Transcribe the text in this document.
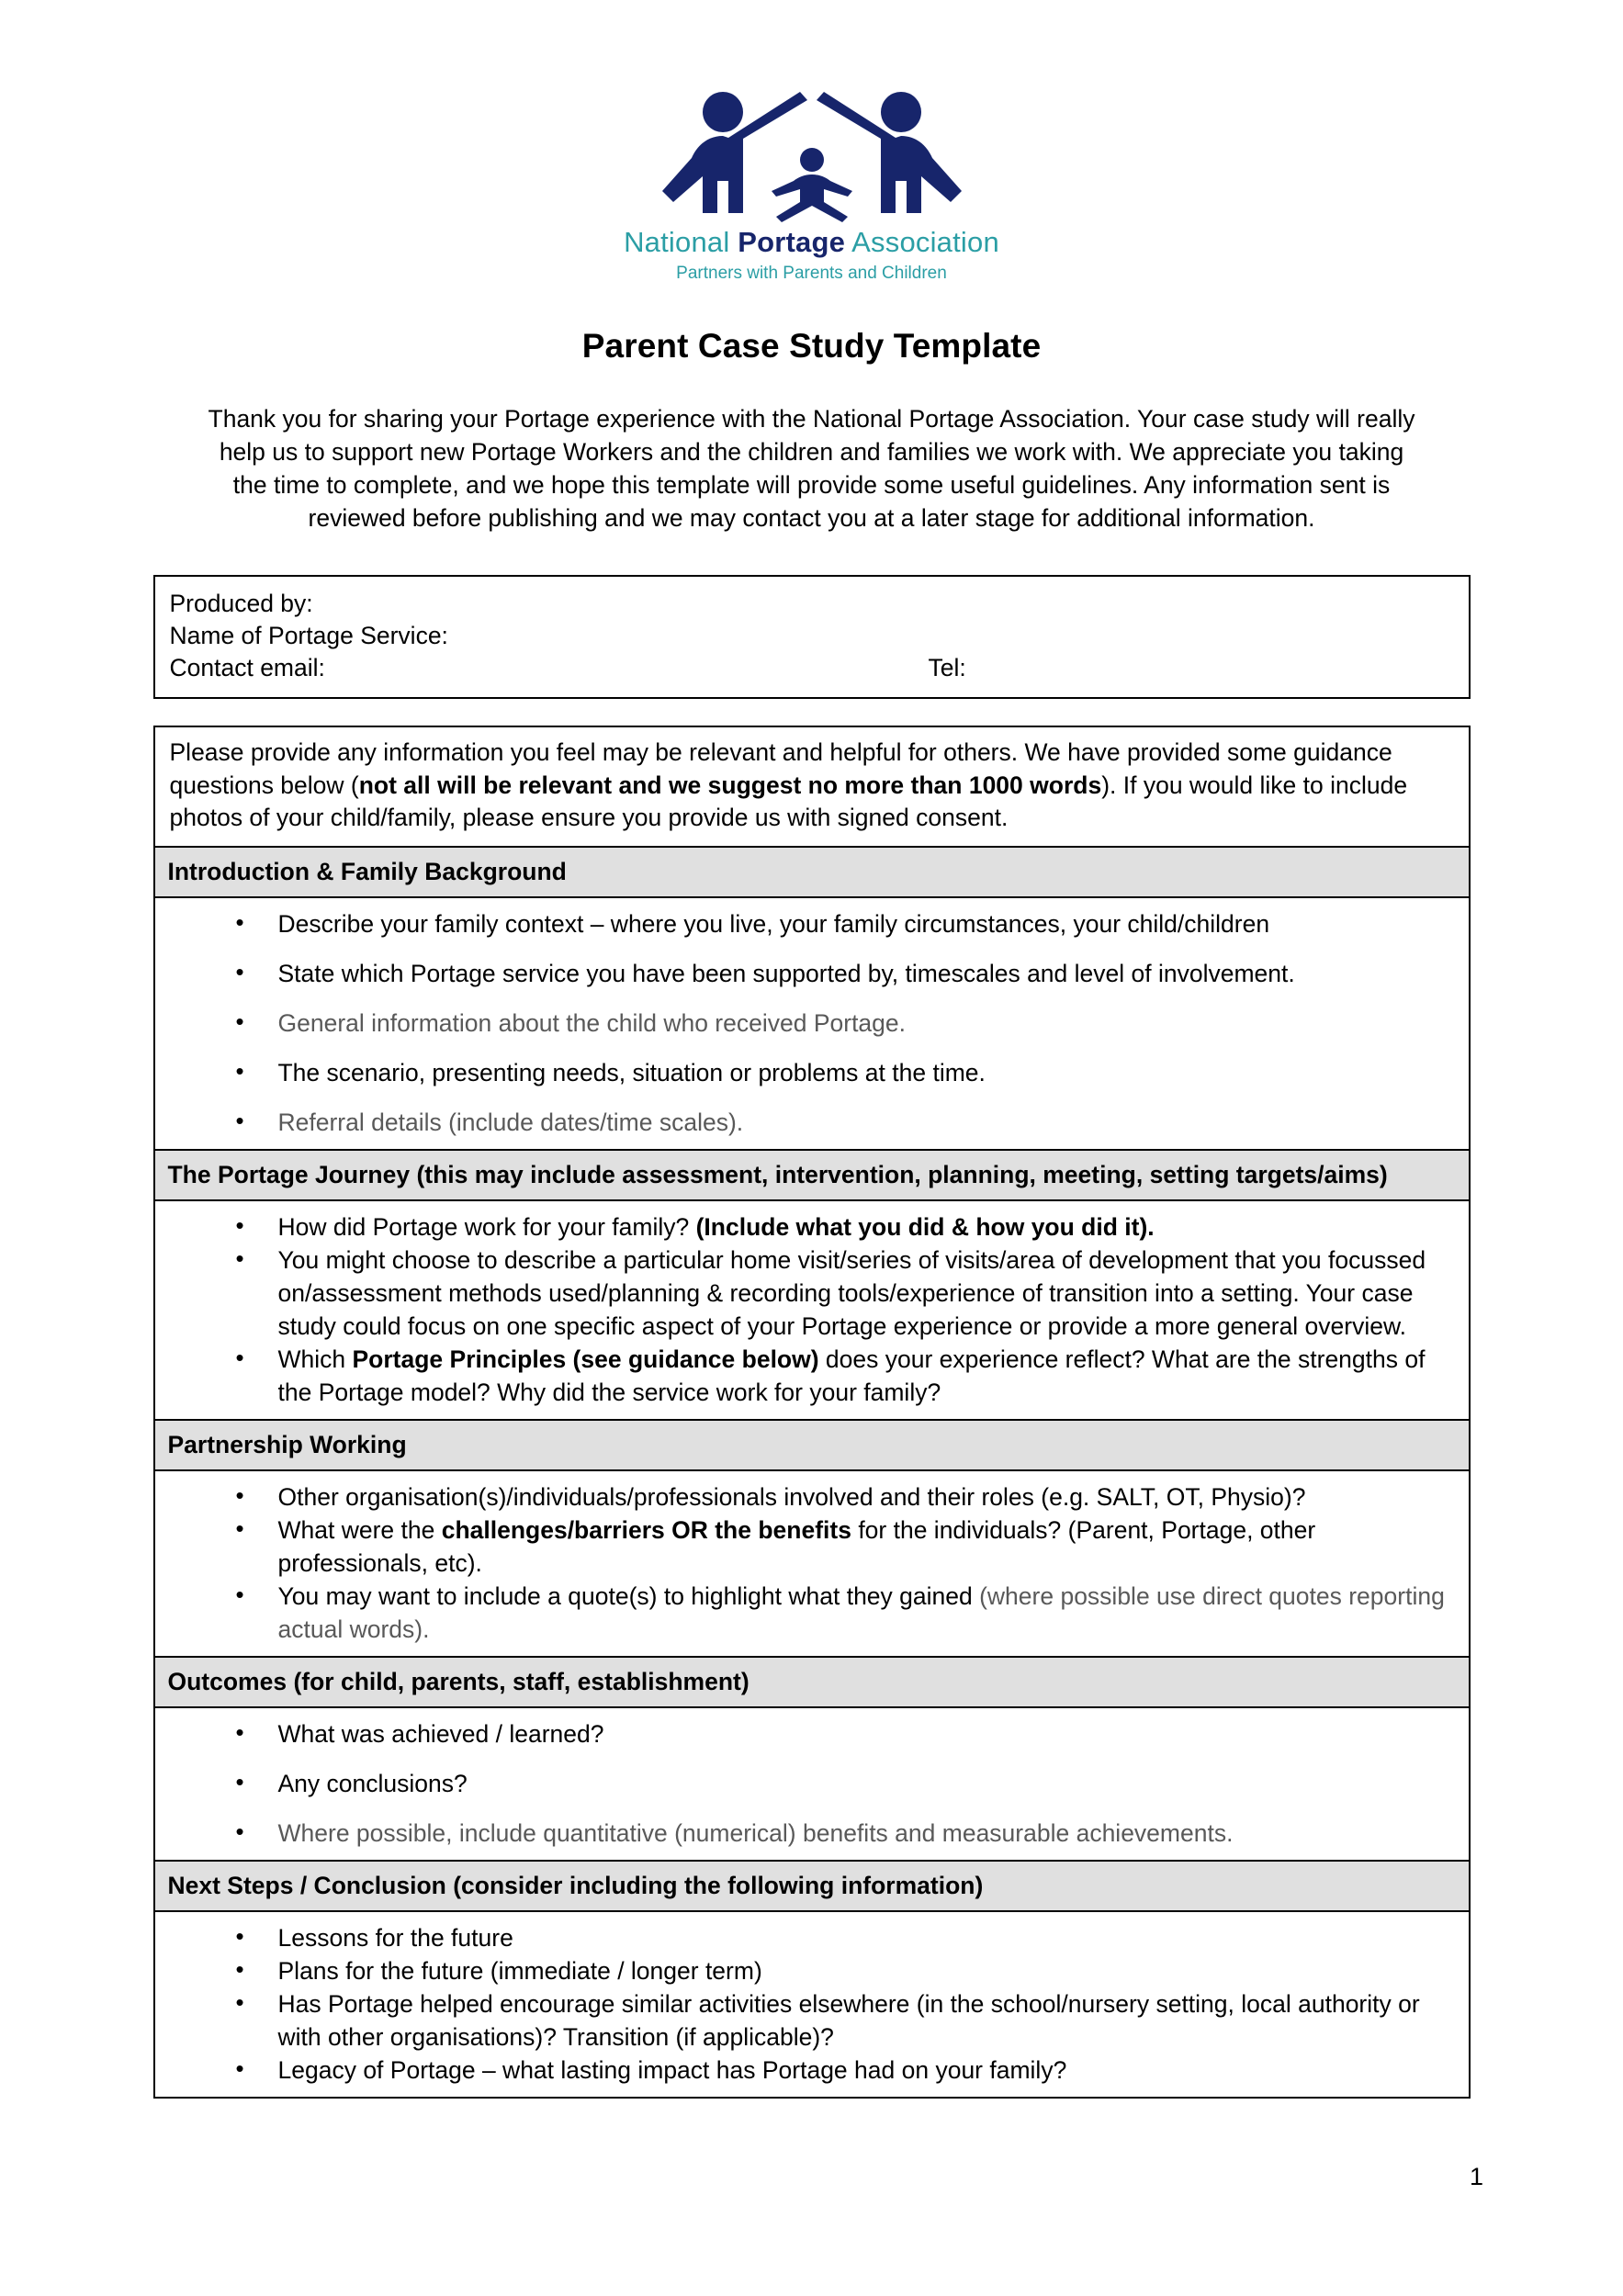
National Portage Association
Partners with Parents and Children
Parent Case Study Template
Thank you for sharing your Portage experience with the National Portage Association. Your case study will really help us to support new Portage Workers and the children and families we work with. We appreciate you taking the time to complete, and we hope this template will provide some useful guidelines. Any information sent is reviewed before publishing and we may contact you at a later stage for additional information.
Produced by:
Name of Portage Service:
Contact email:	Tel:
Please provide any information you feel may be relevant and helpful for others. We have provided some guidance questions below (not all will be relevant and we suggest no more than 1000 words). If you would like to include photos of your child/family, please ensure you provide us with signed consent.
Introduction & Family Background
• Describe your family context – where you live, your family circumstances, your child/children
• State which Portage service you have been supported by, timescales and level of involvement.
• General information about the child who received Portage.
• The scenario, presenting needs, situation or problems at the time.
• Referral details (include dates/time scales).
The Portage Journey (this may include assessment, intervention, planning, meeting, setting targets/aims)
• How did Portage work for your family? (Include what you did & how you did it).
• You might choose to describe a particular home visit/series of visits/area of development that you focussed on/assessment methods used/planning & recording tools/experience of transition into a setting. Your case study could focus on one specific aspect of your Portage experience or provide a more general overview.
• Which Portage Principles (see guidance below) does your experience reflect? What are the strengths of the Portage model? Why did the service work for your family?
Partnership Working
• Other organisation(s)/individuals/professionals involved and their roles (e.g. SALT, OT, Physio)?
• What were the challenges/barriers OR the benefits for the individuals? (Parent, Portage, other professionals, etc).
• You may want to include a quote(s) to highlight what they gained (where possible use direct quotes reporting actual words).
Outcomes (for child, parents, staff, establishment)
• What was achieved / learned?
• Any conclusions?
• Where possible, include quantitative (numerical) benefits and measurable achievements.
Next Steps / Conclusion (consider including the following information)
• Lessons for the future
• Plans for the future (immediate / longer term)
• Has Portage helped encourage similar activities elsewhere (in the school/nursery setting, local authority or with other organisations)? Transition (if applicable)?
• Legacy of Portage – what lasting impact has Portage had on your family?
1
